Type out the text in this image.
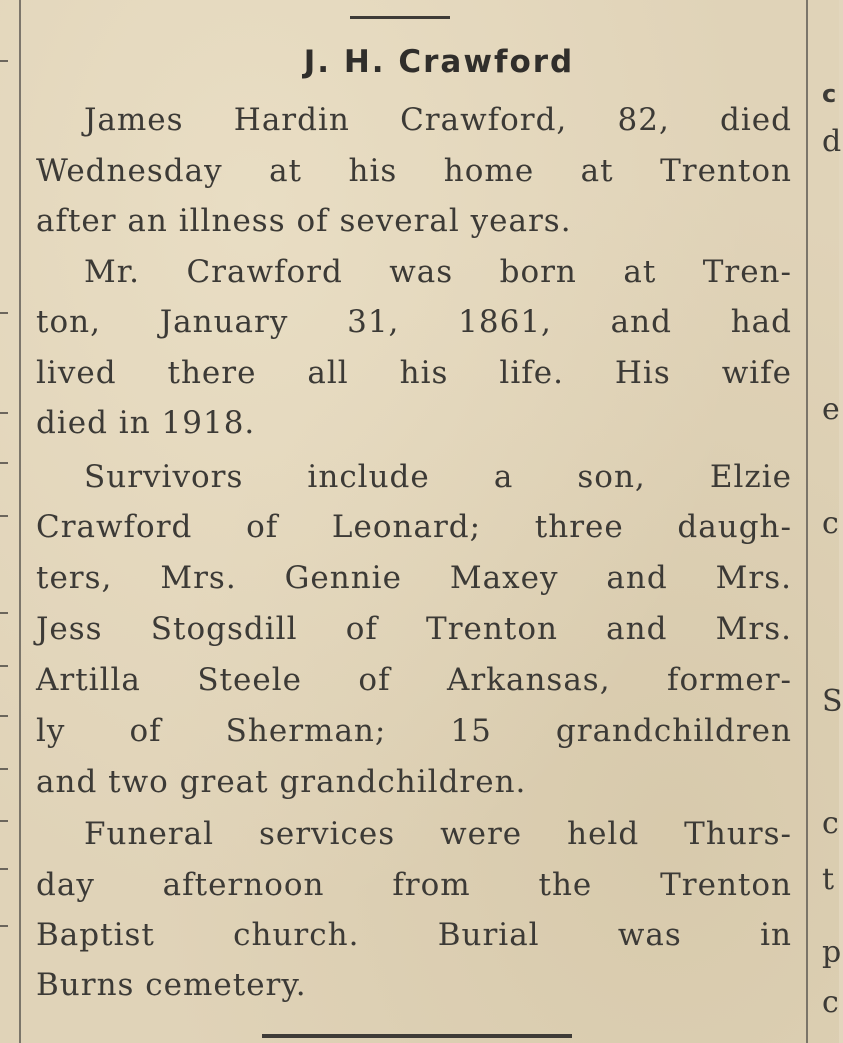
J. H. Crawford
James Hardin Crawford, 82, died
Wednesday at his home at Trenton
after an illness of several years.
Mr. Crawford was born at Tren-
ton, January 31, 1861, and had
lived there all his life. His wife
died in 1918.
Survivors include a son, Elzie
Crawford of Leonard; three daugh-
ters, Mrs. Gennie Maxey and Mrs.
Jess Stogsdill of Trenton and Mrs.
Artilla Steele of Arkansas, former-
ly of Sherman; 15 grandchildren
and two great grandchildren.
Funeral services were held Thurs-
day afternoon from the Trenton
Baptist church. Burial was in
Burns cemetery.
c
d
e
c
S
c
t
p
c
